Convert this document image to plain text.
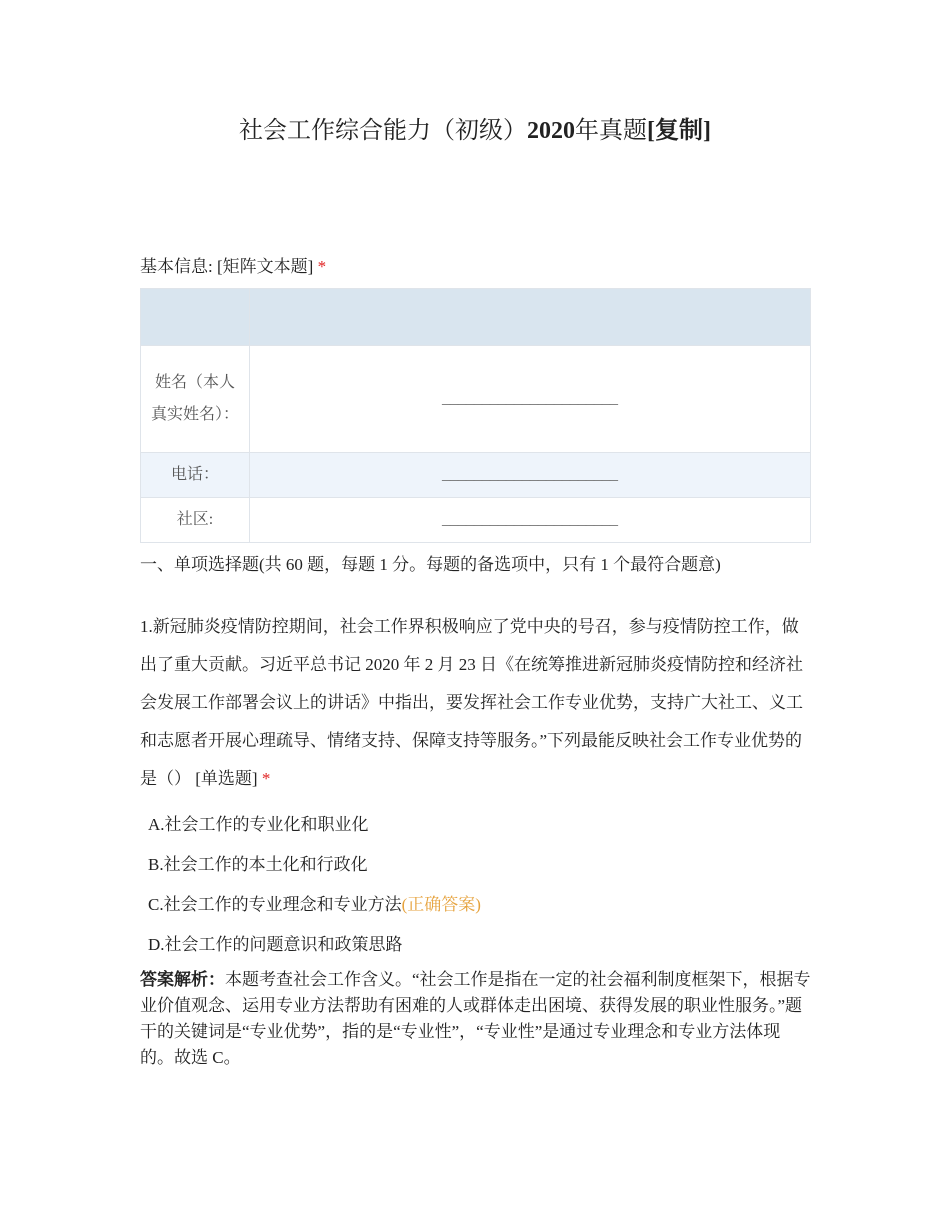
社会工作综合能力（初级）2020年真题[复制]
基本信息: [矩阵文本题] *

姓名（本人真实姓名）：	______________________
电话：	______________________
社区:	______________________
一、单项选择题(共 60 题，每题 1 分。每题的备选项中，只有 1 个最符合题意)
1.新冠肺炎疫情防控期间，社会工作界积极响应了党中央的号召，参与疫情防控工作，做出了重大贡献。习近平总书记 2020 年 2 月 23 日《在统筹推进新冠肺炎疫情防控和经济社会发展工作部署会议上的讲话》中指出，要发挥社会工作专业优势，支持广大社工、义工和志愿者开展心理疏导、情绪支持、保障支持等服务。”下列最能反映社会工作专业优势的是（） [单选题] *
A.社会工作的专业化和职业化
B.社会工作的本土化和行政化
C.社会工作的专业理念和专业方法(正确答案)
D.社会工作的问题意识和政策思路
答案解析：本题考查社会工作含义。“社会工作是指在一定的社会福利制度框架下，根据专业价值观念、运用专业方法帮助有困难的人或群体走出困境、获得发展的职业性服务。”题干的关键词是“专业优势”，指的是“专业性”，“专业性”是通过专业理念和专业方法体现的。故选 C。
